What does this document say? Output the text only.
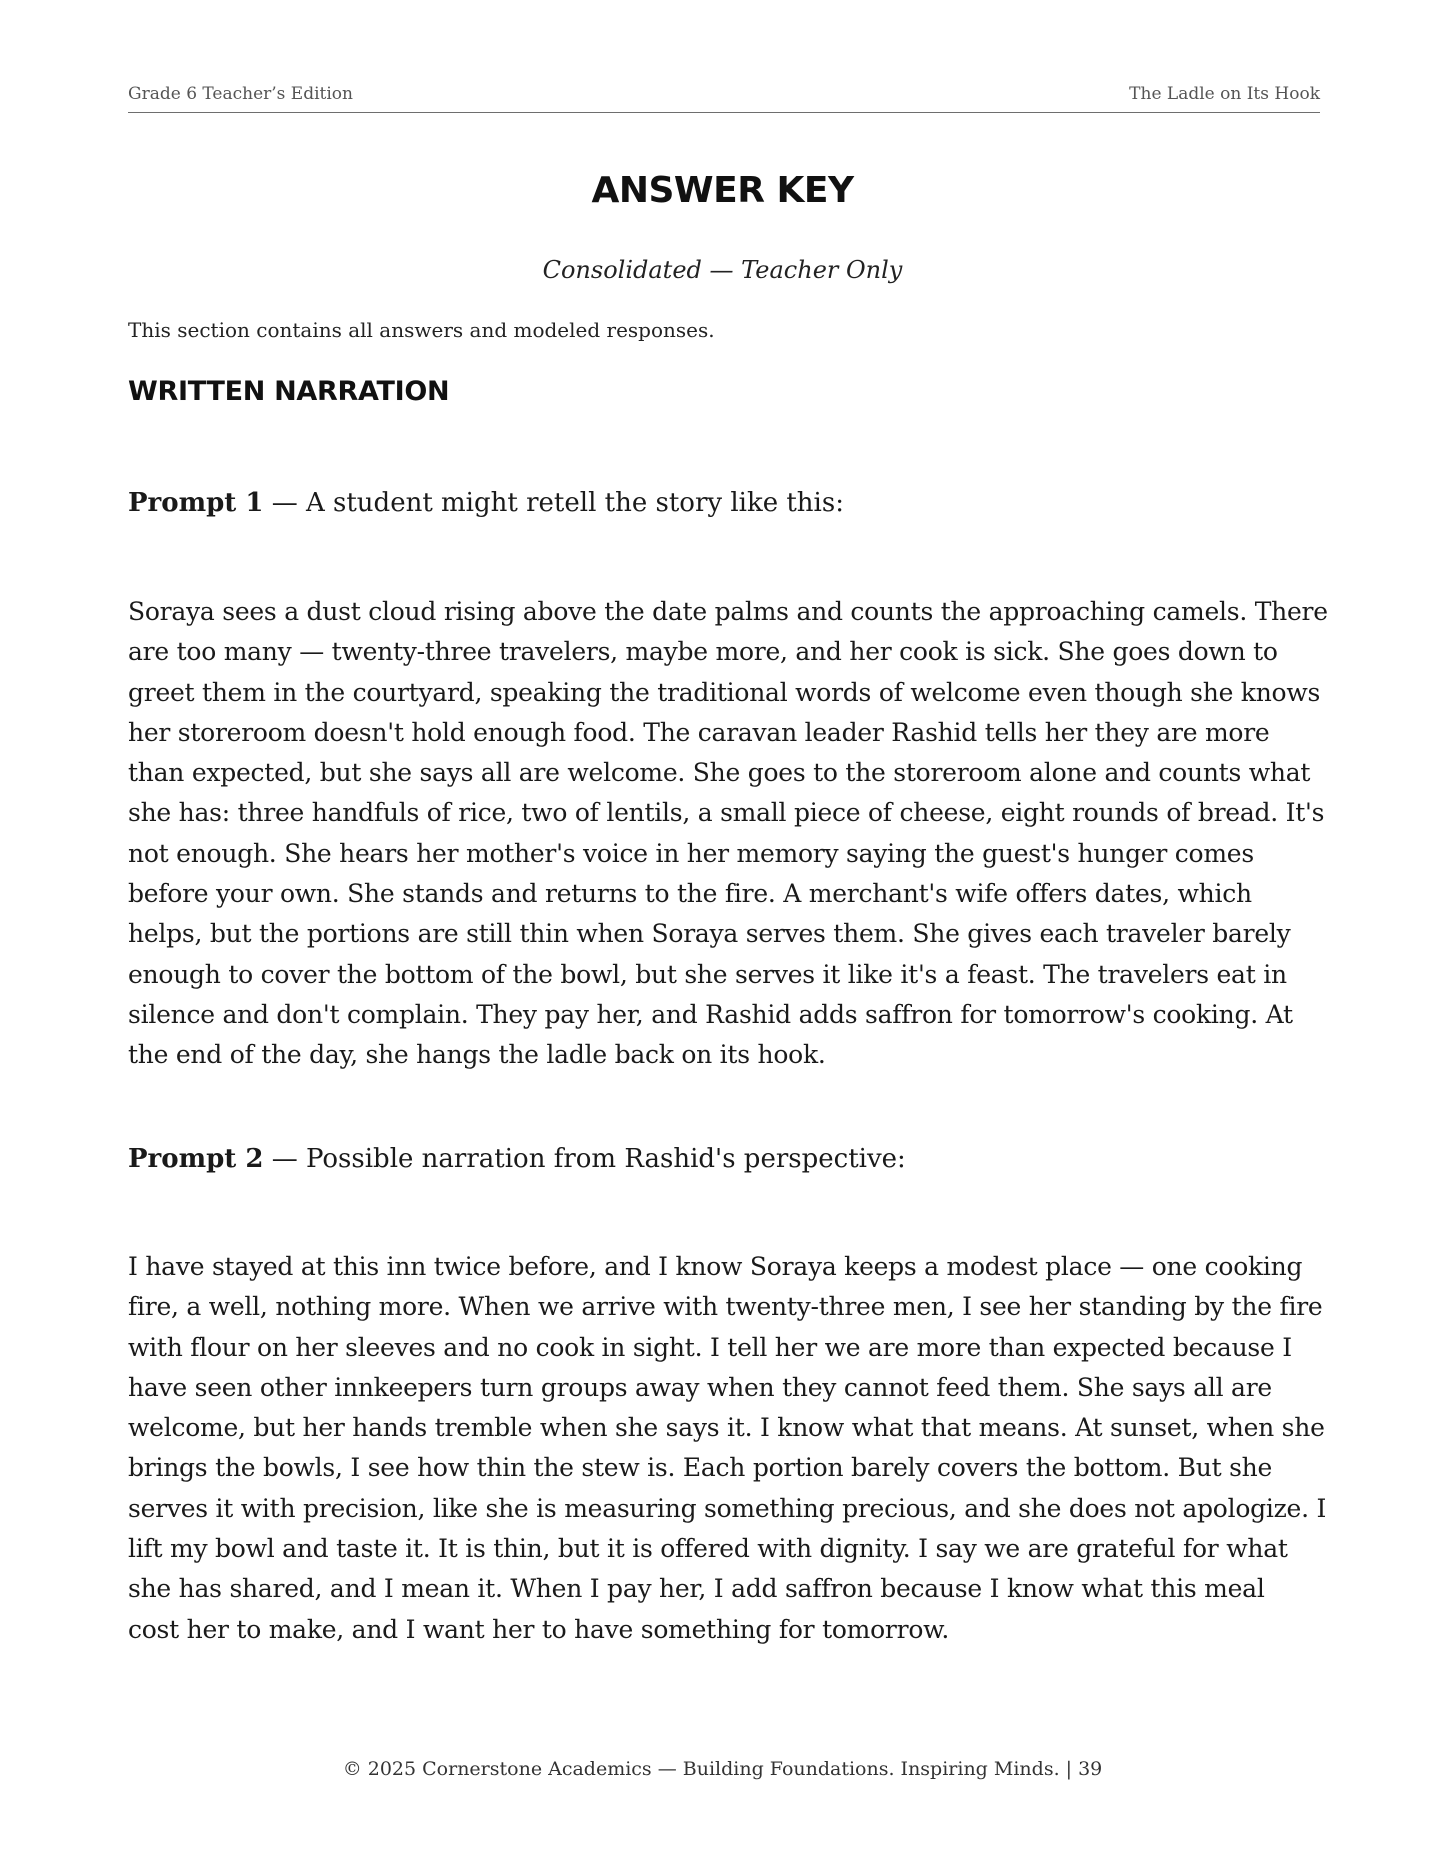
Grade 6 Teacher’s Edition	The Ladle on Its Hook
ANSWER KEY
Consolidated — Teacher Only
This section contains all answers and modeled responses.
WRITTEN NARRATION
Prompt 1 — A student might retell the story like this:
Soraya sees a dust cloud rising above the date palms and counts the approaching camels. There
are too many — twenty-three travelers, maybe more, and her cook is sick. She goes down to
greet them in the courtyard, speaking the traditional words of welcome even though she knows
her storeroom doesn't hold enough food. The caravan leader Rashid tells her they are more
than expected, but she says all are welcome. She goes to the storeroom alone and counts what
she has: three handfuls of rice, two of lentils, a small piece of cheese, eight rounds of bread. It's
not enough. She hears her mother's voice in her memory saying the guest's hunger comes
before your own. She stands and returns to the fire. A merchant's wife offers dates, which
helps, but the portions are still thin when Soraya serves them. She gives each traveler barely
enough to cover the bottom of the bowl, but she serves it like it's a feast. The travelers eat in
silence and don't complain. They pay her, and Rashid adds saffron for tomorrow's cooking. At
the end of the day, she hangs the ladle back on its hook.
Prompt 2 — Possible narration from Rashid's perspective:
I have stayed at this inn twice before, and I know Soraya keeps a modest place — one cooking
fire, a well, nothing more. When we arrive with twenty-three men, I see her standing by the fire
with flour on her sleeves and no cook in sight. I tell her we are more than expected because I
have seen other innkeepers turn groups away when they cannot feed them. She says all are
welcome, but her hands tremble when she says it. I know what that means. At sunset, when she
brings the bowls, I see how thin the stew is. Each portion barely covers the bottom. But she
serves it with precision, like she is measuring something precious, and she does not apologize. I
lift my bowl and taste it. It is thin, but it is offered with dignity. I say we are grateful for what
she has shared, and I mean it. When I pay her, I add saffron because I know what this meal
cost her to make, and I want her to have something for tomorrow.
© 2025 Cornerstone Academics — Building Foundations. Inspiring Minds. | 39
